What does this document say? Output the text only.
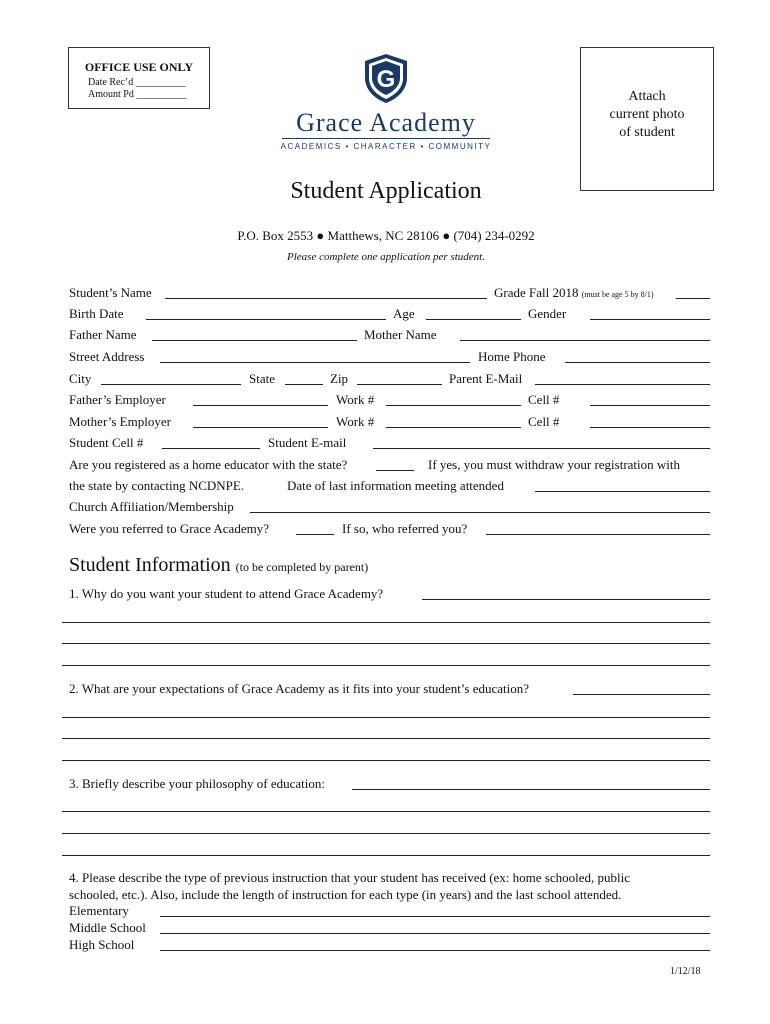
OFFICE USE ONLY
Date Rec’d __________
Amount Pd __________
G
Grace Academy
ACADEMICS • CHARACTER • COMMUNITY
Attach
current photo
of student
Student Application
P.O. Box 2553 ● Matthews, NC 28106 ● (704) 234-0292
Please complete one application per student.
Student’s Name	Grade Fall 2018 (must be age 5 by 8/1)
Birth Date	Age	Gender
Father Name	Mother Name
Street Address	Home Phone
City	State	Zip	Parent E-Mail
Father’s Employer	Work #	Cell #
Mother’s Employer	Work #	Cell #
Student Cell #	Student E-mail
Are you registered as a home educator with the state?	If yes, you must withdraw your registration with
the state by contacting NCDNPE.	Date of last information meeting attended
Church Affiliation/Membership
Were you referred to Grace Academy?	If so, who referred you?
Student Information (to be completed by parent)
1. Why do you want your student to attend Grace Academy?
2. What are your expectations of Grace Academy as it fits into your student’s education?
3. Briefly describe your philosophy of education:
4. Please describe the type of previous instruction that your student has received (ex: home schooled, public
schooled, etc.). Also, include the length of instruction for each type (in years) and the last school attended.
Elementary
Middle School
High School
1/12/18
